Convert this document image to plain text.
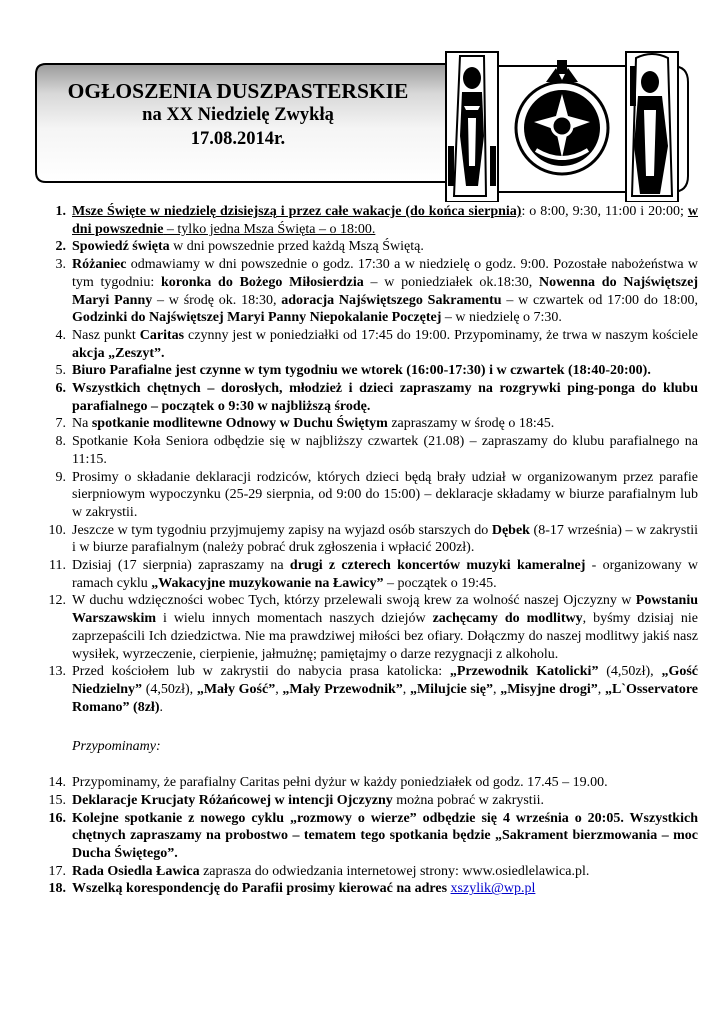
OGŁOSZENIA DUSZPASTERSKIE
na XX Niedzielę Zwykłą
17.08.2014r.
1. Msze Święte w niedzielę dzisiejszą i przez całe wakacje (do końca sierpnia): o 8:00, 9:30, 11:00 i 20:00; w dni powszednie – tylko jedna Msza Święta – o 18:00.
2. Spowiedź święta w dni powszednie przed każdą Mszą Świętą.
3. Różaniec odmawiamy w dni powszednie o godz. 17:30 a w niedzielę o godz. 9:00. Pozostałe nabożeństwa w tym tygodniu: koronka do Bożego Miłosierdzia – w poniedziałek ok.18:30, Nowenna do Najświętszej Maryi Panny – w środę ok. 18:30, adoracja Najświętszego Sakramentu – w czwartek od 17:00 do 18:00, Godzinki do Najświętszej Maryi Panny Niepokalanie Poczętej – w niedzielę o 7:30.
4. Nasz punkt Caritas czynny jest w poniedziałki od 17:45 do 19:00. Przypominamy, że trwa w naszym kościele akcja „Zeszyt”.
5. Biuro Parafialne jest czynne w tym tygodniu we wtorek (16:00-17:30) i w czwartek (18:40-20:00).
6. Wszystkich chętnych – dorosłych, młodzież i dzieci zapraszamy na rozgrywki ping-ponga do klubu parafialnego – początek o 9:30 w najbliższą środę.
7. Na spotkanie modlitewne Odnowy w Duchu Świętym zapraszamy w środę o 18:45.
8. Spotkanie Koła Seniora odbędzie się w najbliższy czwartek (21.08) – zapraszamy do klubu parafialnego na 11:15.
9. Prosimy o składanie deklaracji rodziców, których dzieci będą brały udział w organizowanym przez parafie sierpniowym wypoczynku (25-29 sierpnia, od 9:00 do 15:00) – deklaracje składamy w biurze parafialnym lub w zakrystii.
10. Jeszcze w tym tygodniu przyjmujemy zapisy na wyjazd osób starszych do Dębek (8-17 września) – w zakrystii i w biurze parafialnym (należy pobrać druk zgłoszenia i wpłacić 200zł).
11. Dzisiaj (17 sierpnia) zapraszamy na drugi z czterech koncertów muzyki kameralnej - organizowany w ramach cyklu „Wakacyjne muzykowanie na Ławicy” – początek o 19:45.
12. W duchu wdzięczności wobec Tych, którzy przelewali swoją krew za wolność naszej Ojczyzny w Powstaniu Warszawskim i wielu innych momentach naszych dziejów zachęcamy do modlitwy, byśmy dzisiaj nie zaprzepaścili Ich dziedzictwa. Nie ma prawdziwej miłości bez ofiary. Dołączmy do naszej modlitwy jakiś nasz wysiłek, wyrzeczenie, cierpienie, jałmużnę; pamiętajmy o darze rezygnacji z alkoholu.
13. Przed kościołem lub w zakrystii do nabycia prasa katolicka: „Przewodnik Katolicki” (4,50zł), „Gość Niedzielny” (4,50zł), „Mały Gość”, „Mały Przewodnik”, „Milujcie się”, „Misyjne drogi”, „L`Osservatore Romano” (8zł).
Przypominamy:
14. Przypominamy, że parafialny Caritas pełni dyżur w każdy poniedziałek od godz. 17.45 – 19.00.
15. Deklaracje Krucjaty Różańcowej w intencji Ojczyzny można pobrać w zakrystii.
16. Kolejne spotkanie z nowego cyklu „rozmowy o wierze” odbędzie się 4 września o 20:05. Wszystkich chętnych zapraszamy na probostwo – tematem tego spotkania będzie „Sakrament bierzmowania – moc Ducha Świętego”.
17. Rada Osiedla Ławica zaprasza do odwiedzania internetowej strony: www.osiedlelawica.pl.
18. Wszelką korespondencję do Parafii prosimy kierować na adres xszylik@wp.pl
